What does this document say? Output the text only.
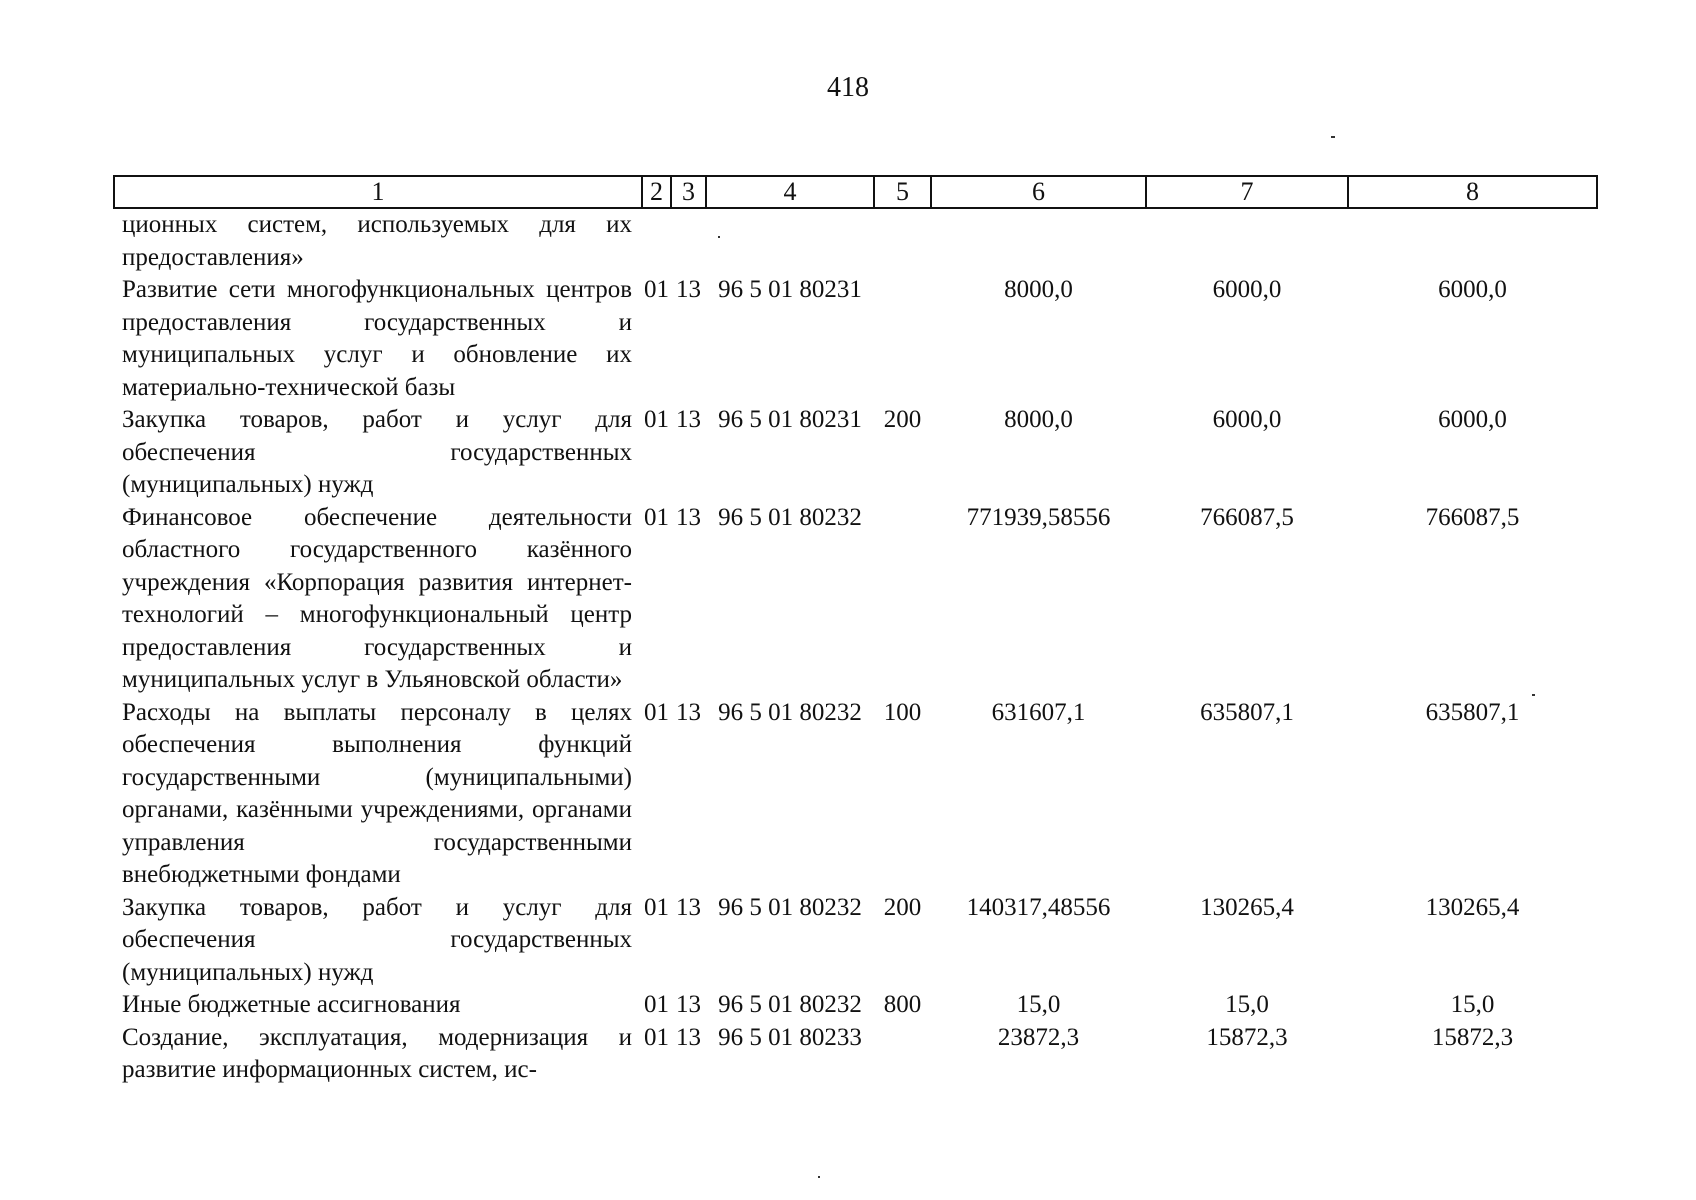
418
1	2	3	4	5	6	7	8
ционных систем, используемых для их предоставления»							
Развитие сети многофункциональных центров предоставления государственных и муниципальных услуг и обновление их материально-технической базы	01	13	96 5 01 80231		8000,0	6000,0	6000,0
Закупка товаров, работ и услуг для обеспечения государственных (муниципальных) нужд	01	13	96 5 01 80231	200	8000,0	6000,0	6000,0
Финансовое обеспечение деятельности областного государственного казённого учреждения «Корпорация развития интернет-технологий – многофункциональный центр предоставления государственных и муниципальных услуг в Ульяновской области»	01	13	96 5 01 80232		771939,58556	766087,5	766087,5
Расходы на выплаты персоналу в целях обеспечения выполнения функций государственными (муниципальными) органами, казёнными учреждениями, органами управления государственными внебюджетными фондами	01	13	96 5 01 80232	100	631607,1	635807,1	635807,1
Закупка товаров, работ и услуг для обеспечения государственных (муниципальных) нужд	01	13	96 5 01 80232	200	140317,48556	130265,4	130265,4
Иные бюджетные ассигнования	01	13	96 5 01 80232	800	15,0	15,0	15,0
Создание, эксплуатация, модернизация и развитие информационных систем, ис-	01	13	96 5 01 80233		23872,3	15872,3	15872,3
